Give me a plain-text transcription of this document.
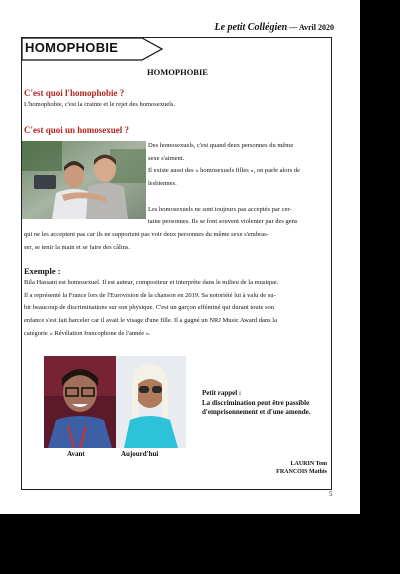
Le petit Collégien — Avril 2020
HOMOPHOBIE
HOMOPHOBIE
C'est quoi l'homophobie ?
L'homophobie, c'est la crainte et le rejet des homosexuels.
C'est quoi un homosexuel ?
Des homosexuels, c'est quand deux personnes du même
sexe s'aiment.
Il existe aussi des « homosexuels filles », on parle alors de
lesbiennes.
Les homosexuels ne sont toujours pas acceptés par cer-
taine personnes. Ils se font souvent violenter par des gens
qui ne les acceptent pas car ils ne supportent pas voir deux personnes du même sexe s'embras-
ser, se tenir la main et se faire des câlins.
Exemple :
Bila Hassani est homosexuel. Il est auteur, compositeur et interprète dans le milieu de la musique.
Il a représenté la France lors de l'Eurovision de la chanson en 2019. Sa notoriété lui à valu de su-
bir beaucoup de discriminations sur son physique. C'est un garçon efféminé qui durant toute son
enfance s'est fait harceler car il avait le visage d'une fille. Il a gagné un NRJ Music Award dans la
catégorie « Révélation francophone de l'année ».
Avant	Aujourd'hui
Petit rappel :
La discrimination peut être passible
d'emprisonnement et d'une amende.
LAURIN Tom
FRANCOIS Mathis
5
